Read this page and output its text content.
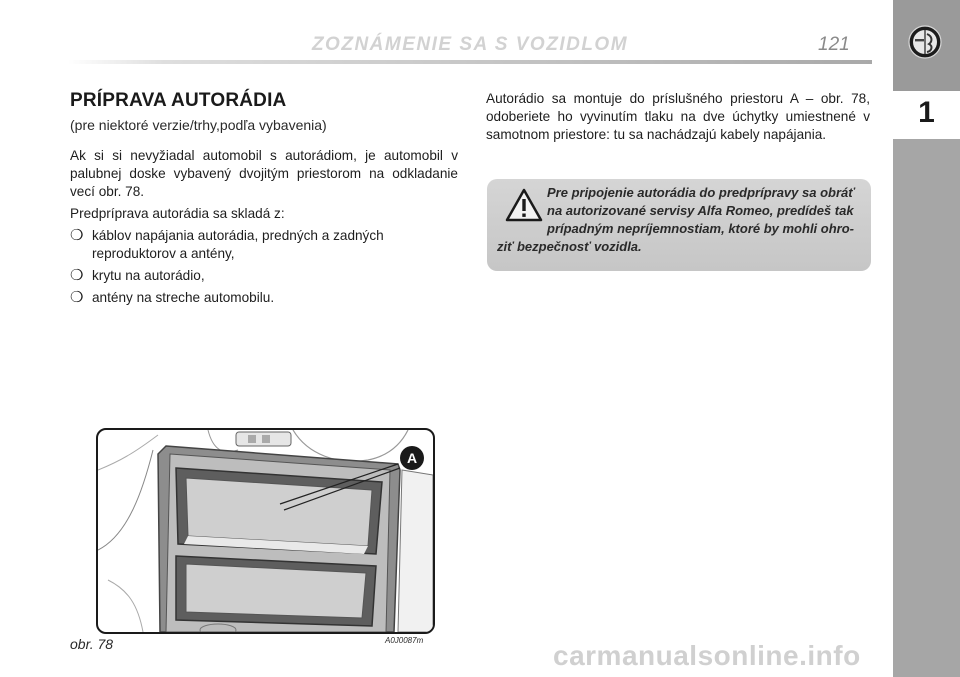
ZOZNÁMENIE SA S VOZIDLOM	121
1
PRÍPRAVA AUTORÁDIA
(pre niektoré verzie/trhy,podľa vybavenia)

Ak si si nevyžiadal automobil s autorádiom, je automobil v palubnej doske vybavený dvojitým priestorom na odkladanie vecí obr. 78.

Predpríprava autorádia sa skladá z:

❍ káblov napájania autorádia, predných a zadných reproduktorov a antény,
❍ krytu na autorádio,
❍ antény na streche automobilu.

Autorádio sa montuje do príslušného priestoru A – obr. 78, odoberiete ho vyvinutím tlaku na dve úchytky umiestnené v samotnom priestore: tu sa nachádzajú kabely napájania.

Pre pripojenie autorádia do predprípravy sa obráť
na autorizované servisy Alfa Romeo, predídeš tak
prípadným nepríjemnostiam, ktoré by mohli ohro-
ziť bezpečnosť vozidla.
A
obr. 78	A0J0087m	carmanualsonline.info
